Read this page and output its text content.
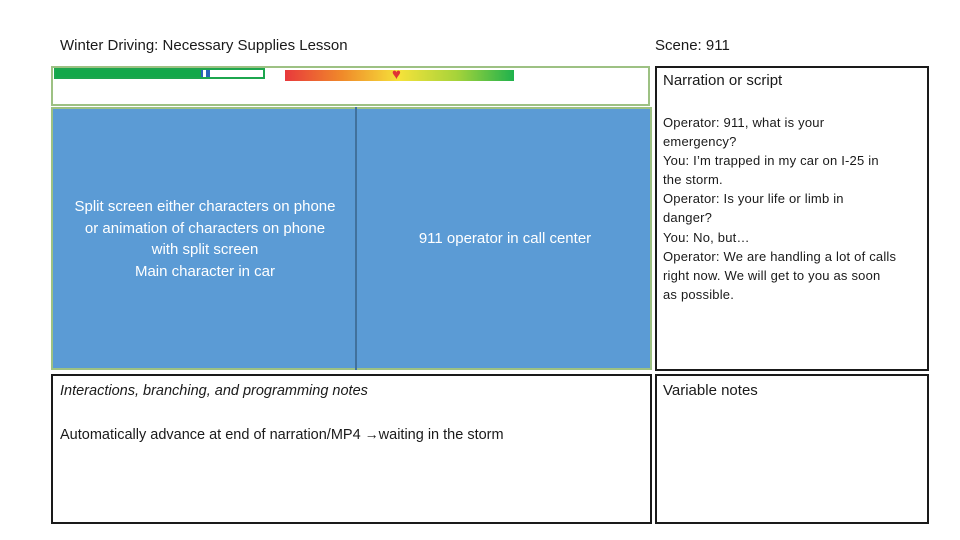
Winter Driving: Necessary Supplies Lesson	Scene: 911
♥
Split screen either characters on phone
or animation of characters on phone
with split screen
Main character in car
911 operator in call center
Narration or script
Operator: 911, what is your
emergency?
You: I’m trapped in my car on I-25 in
the storm.
Operator: Is your life or limb in
danger?
You: No, but…
Operator: We are handling a lot of calls
right now. We will get to you as soon
as possible.
Interactions, branching, and programming notes
Automatically advance at end of narration/MP4 →waiting in the storm
Variable notes
